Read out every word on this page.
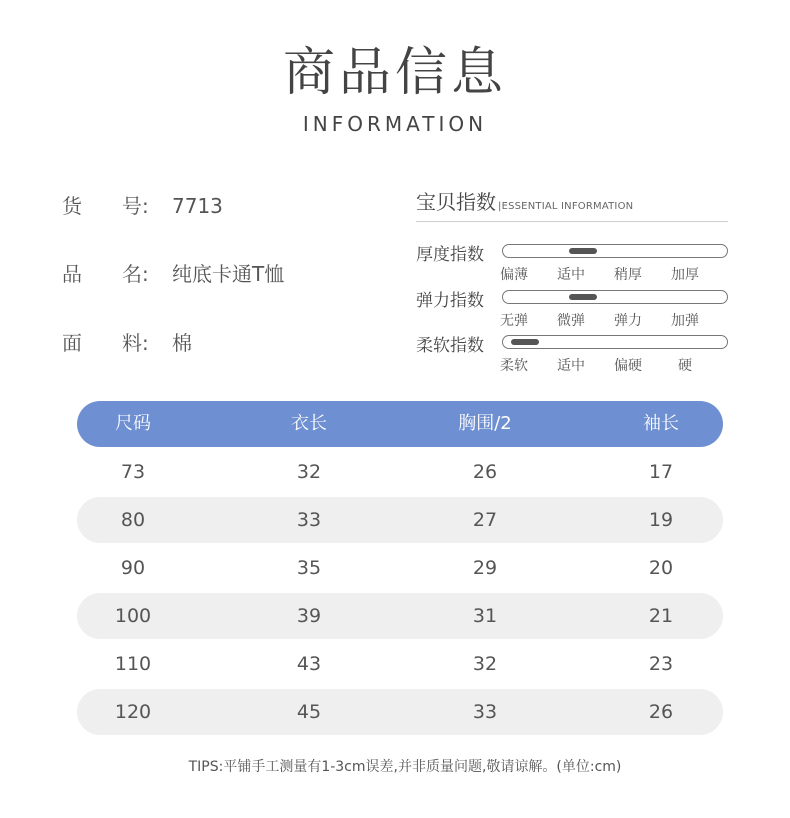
商品信息
INFORMATION
货 号: 7713
品 名: 纯底卡通T恤
面 料: 棉
宝贝指数 |ESSENTIAL INFORMATION
厚度指数
偏薄	适中	稍厚	加厚
弹力指数
无弹	微弹	弹力	加弹
柔软指数
柔软	适中	偏硬	硬
尺码	衣长	胸围/2	袖长
73	32	26	17
80	33	27	19
90	35	29	20
100	39	31	21
110	43	32	23
120	45	33	26
TIPS:平铺手工测量有1-3cm误差,并非质量问题,敬请谅解。(单位:cm)
